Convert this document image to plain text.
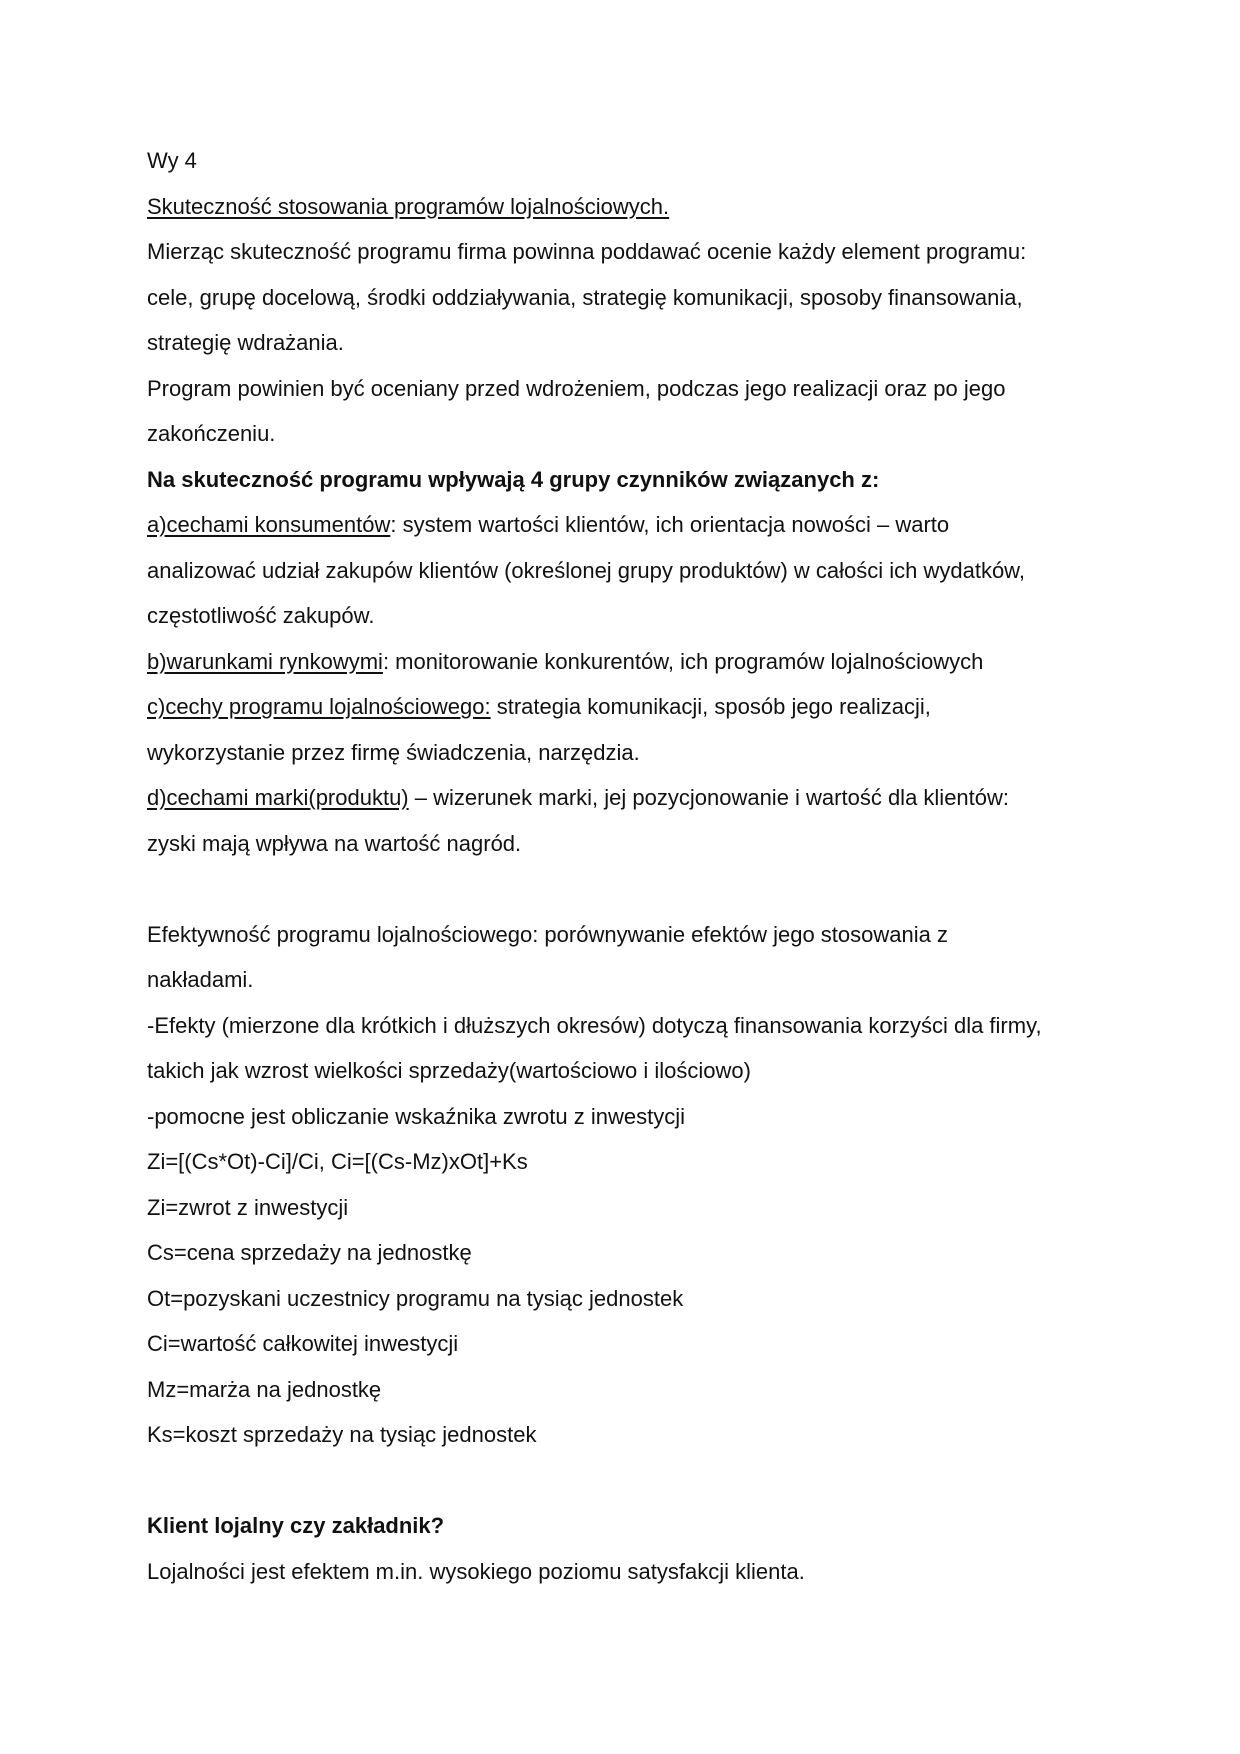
Wy 4
Skuteczność stosowania programów lojalnościowych.
Mierząc skuteczność programu firma powinna poddawać ocenie każdy element programu:
cele, grupę docelową, środki oddziaływania, strategię komunikacji, sposoby finansowania,
strategię wdrażania.
Program powinien być oceniany przed wdrożeniem, podczas jego realizacji oraz po jego
zakończeniu.
Na skuteczność programu wpływają 4 grupy czynników związanych z:
a)cechami konsumentów: system wartości klientów, ich orientacja nowości – warto
analizować udział zakupów klientów (określonej grupy produktów) w całości ich wydatków,
częstotliwość zakupów.
b)warunkami rynkowymi: monitorowanie konkurentów, ich programów lojalnościowych
c)cechy programu lojalnościowego: strategia komunikacji, sposób jego realizacji,
wykorzystanie przez firmę świadczenia, narzędzia.
d)cechami marki(produktu) – wizerunek marki, jej pozycjonowanie i wartość dla klientów:
zyski mają wpływa na wartość nagród.
Efektywność programu lojalnościowego: porównywanie efektów jego stosowania z
nakładami.
-Efekty (mierzone dla krótkich i dłuższych okresów) dotyczą finansowania korzyści dla firmy,
takich jak wzrost wielkości sprzedaży(wartościowo i ilościowo)
-pomocne jest obliczanie wskaźnika zwrotu z inwestycji
Zi=[(Cs*Ot)-Ci]/Ci, Ci=[(Cs-Mz)xOt]+Ks
Zi=zwrot z inwestycji
Cs=cena sprzedaży na jednostkę
Ot=pozyskani uczestnicy programu na tysiąc jednostek
Ci=wartość całkowitej inwestycji
Mz=marża na jednostkę
Ks=koszt sprzedaży na tysiąc jednostek
Klient lojalny czy zakładnik?
Lojalności jest efektem m.in. wysokiego poziomu satysfakcji klienta.
